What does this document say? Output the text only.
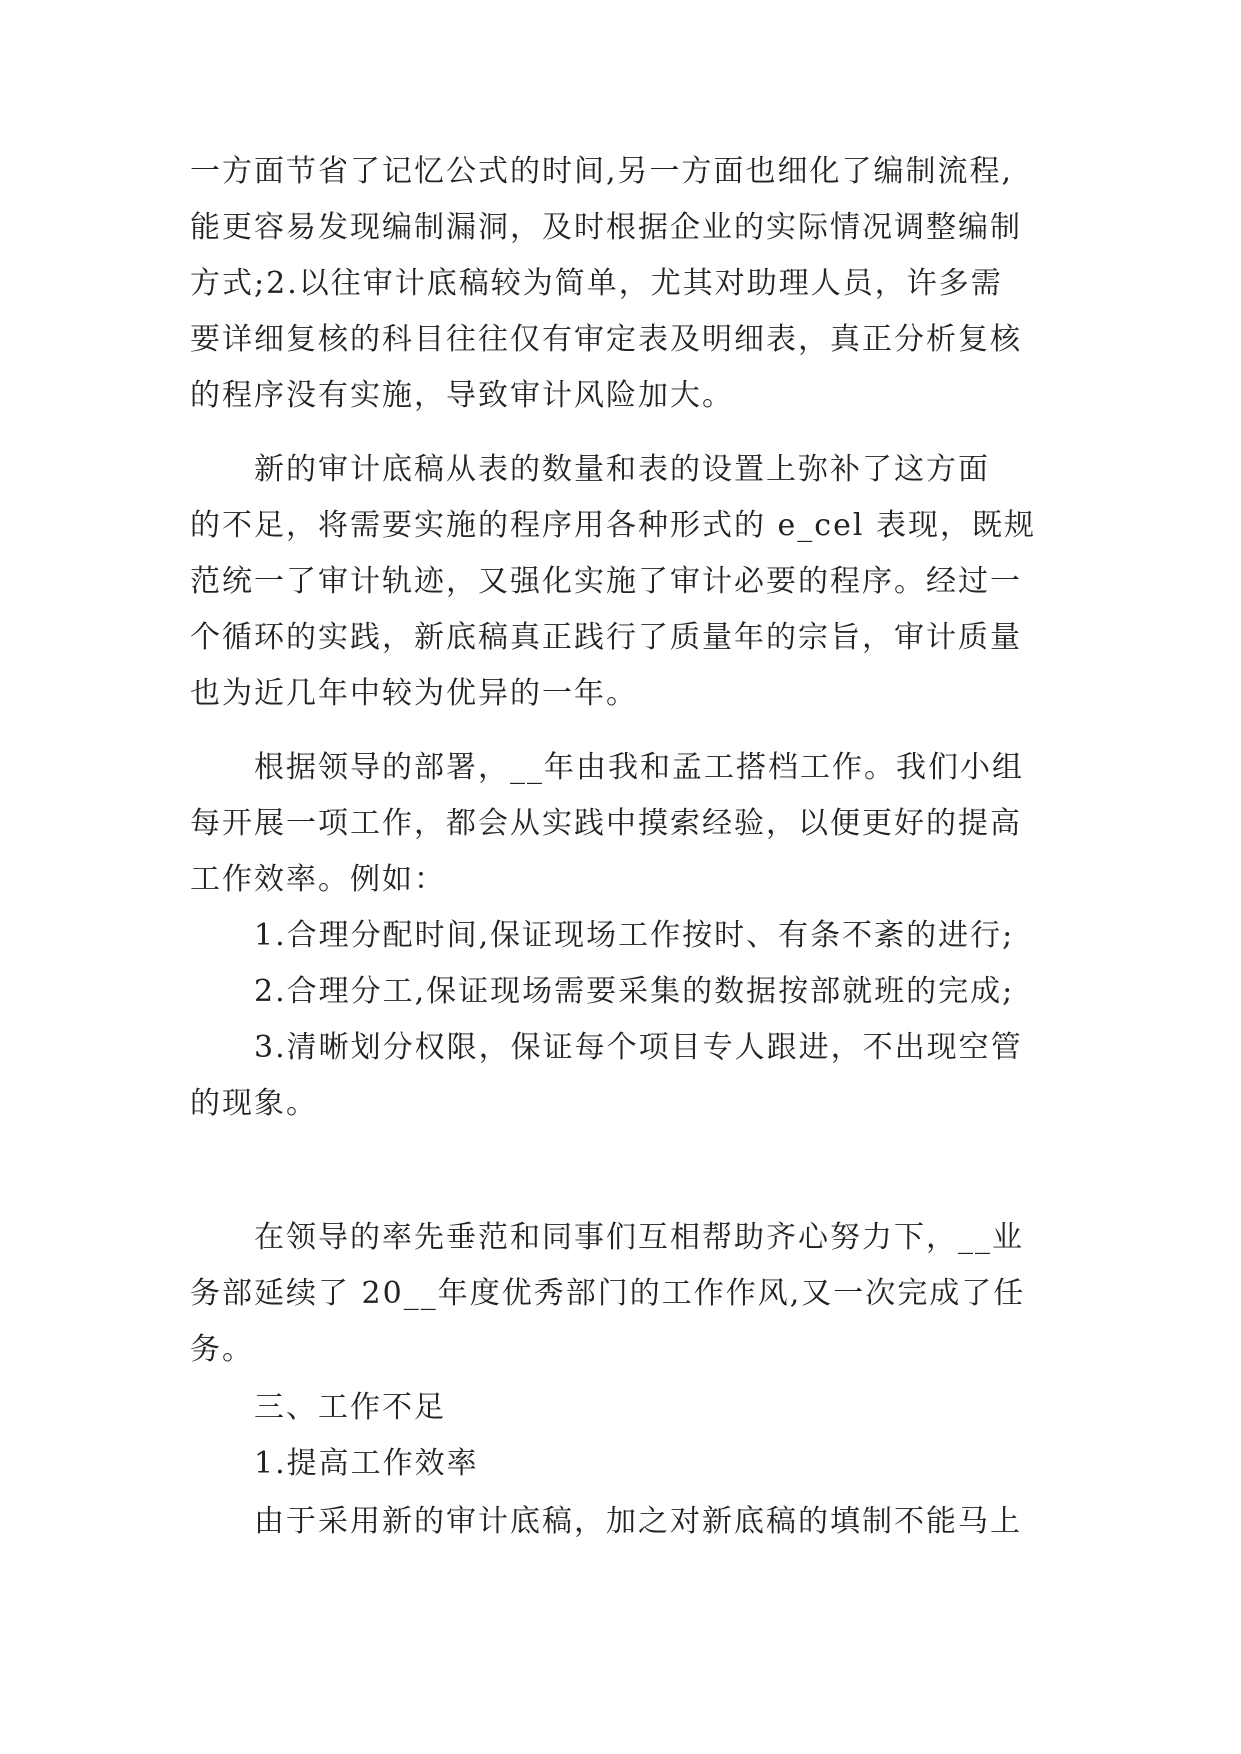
一方面节省了记忆公式的时间,另一方面也细化了编制流程,

能更容易发现编制漏洞，及时根据企业的实际情况调整编制

方式;2.以往审计底稿较为简单，尤其对助理人员，许多需

要详细复核的科目往往仅有审定表及明细表，真正分析复核

的程序没有实施，导致审计风险加大。

新的审计底稿从表的数量和表的设置上弥补了这方面

的不足，将需要实施的程序用各种形式的 e_cel 表现，既规

范统一了审计轨迹，又强化实施了审计必要的程序。经过一

个循环的实践，新底稿真正践行了质量年的宗旨，审计质量

也为近几年中较为优异的一年。

根据领导的部署，__年由我和孟工搭档工作。我们小组

每开展一项工作，都会从实践中摸索经验，以便更好的提高

工作效率。例如：

1.合理分配时间,保证现场工作按时、有条不紊的进行;

2.合理分工,保证现场需要采集的数据按部就班的完成;

3.清晰划分权限，保证每个项目专人跟进，不出现空管

的现象。

在领导的率先垂范和同事们互相帮助齐心努力下，__业

务部延续了 20__年度优秀部门的工作作风,又一次完成了任

务。

三、工作不足

1.提高工作效率

由于采用新的审计底稿，加之对新底稿的填制不能马上
